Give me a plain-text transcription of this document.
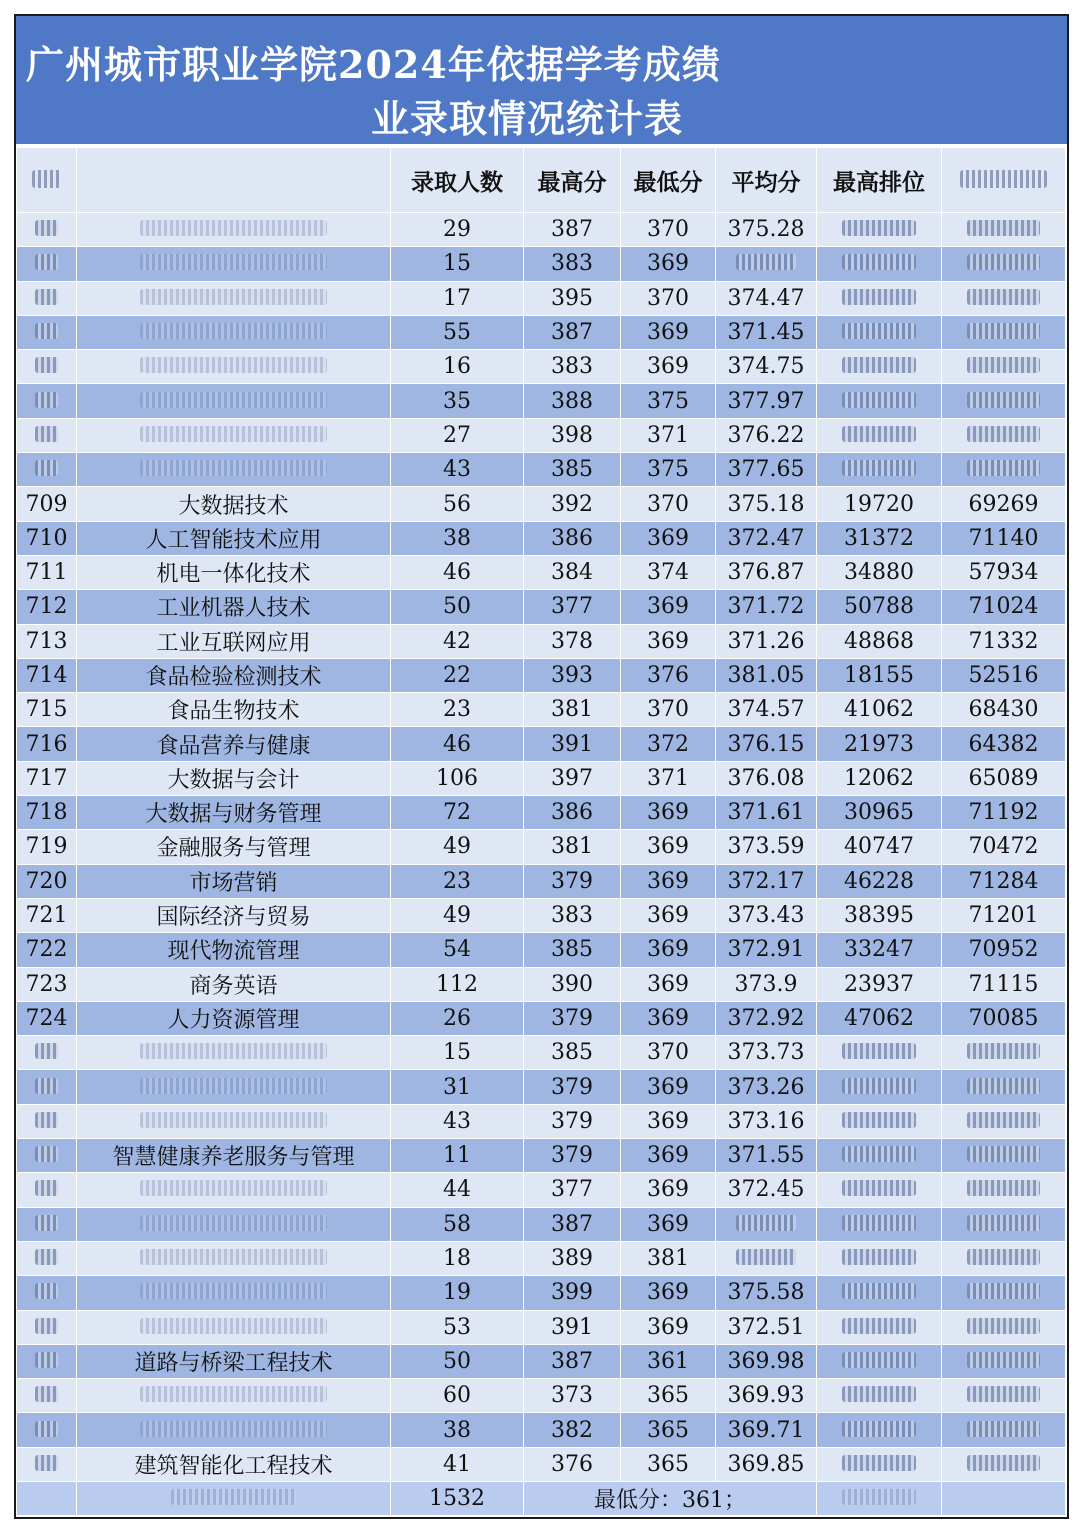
广州城市职业学院2024年依据学考成绩
业录取情况统计表
		录取人数	最高分	最低分	平均分	最高排位	
		29	387	370	375.28		
		15	383	369			
		17	395	370	374.47		
		55	387	369	371.45		
		16	383	369	374.75		
		35	388	375	377.97		
		27	398	371	376.22		
		43	385	375	377.65		
709	大数据技术	56	392	370	375.18	19720	69269
710	人工智能技术应用	38	386	369	372.47	31372	71140
711	机电一体化技术	46	384	374	376.87	34880	57934
712	工业机器人技术	50	377	369	371.72	50788	71024
713	工业互联网应用	42	378	369	371.26	48868	71332
714	食品检验检测技术	22	393	376	381.05	18155	52516
715	食品生物技术	23	381	370	374.57	41062	68430
716	食品营养与健康	46	391	372	376.15	21973	64382
717	大数据与会计	106	397	371	376.08	12062	65089
718	大数据与财务管理	72	386	369	371.61	30965	71192
719	金融服务与管理	49	381	369	373.59	40747	70472
720	市场营销	23	379	369	372.17	46228	71284
721	国际经济与贸易	49	383	369	373.43	38395	71201
722	现代物流管理	54	385	369	372.91	33247	70952
723	商务英语	112	390	369	373.9	23937	71115
724	人力资源管理	26	379	369	372.92	47062	70085
		15	385	370	373.73		
		31	379	369	373.26		
		43	379	369	373.16		
	智慧健康养老服务与管理	11	379	369	371.55		
		44	377	369	372.45		
		58	387	369			
		18	389	381			
		19	399	369	375.58		
		53	391	369	372.51		
	道路与桥梁工程技术	50	387	361	369.98		
		60	373	365	369.93		
		38	382	365	369.71		
	建筑智能化工程技术	41	376	365	369.85		
		1532	最低分：361；				
